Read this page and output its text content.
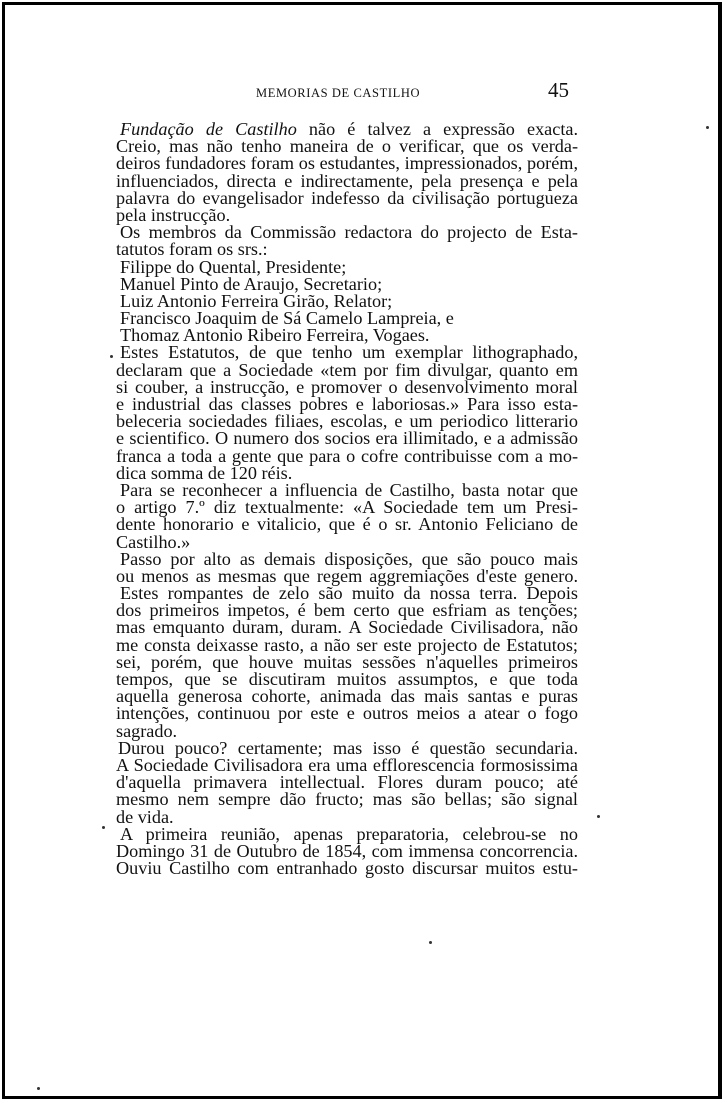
MEMORIAS DE CASTILHO	45
Fundação de Castilho não é talvez a expressão exacta.
Creio, mas não tenho maneira de o verificar, que os verda-
deiros fundadores foram os estudantes, impressionados, porém,
influenciados, directa e indirectamente, pela presença e pela
palavra do evangelisador indefesso da civilisação portugueza
pela instrucção.
Os membros da Commissão redactora do projecto de Esta-
tatutos foram os srs.:
Filippe do Quental, Presidente;
Manuel Pinto de Araujo, Secretario;
Luiz Antonio Ferreira Girão, Relator;
Francisco Joaquim de Sá Camelo Lampreia, e
Thomaz Antonio Ribeiro Ferreira, Vogaes.
Estes Estatutos, de que tenho um exemplar lithographado,
declaram que a Sociedade «tem por fim divulgar, quanto em
si couber, a instrucção, e promover o desenvolvimento moral
e industrial das classes pobres e laboriosas.» Para isso esta-
beleceria sociedades filiaes, escolas, e um periodico litterario
e scientifico. O numero dos socios era illimitado, e a admissão
franca a toda a gente que para o cofre contribuisse com a mo-
dica somma de 120 réis.
Para se reconhecer a influencia de Castilho, basta notar que
o artigo 7.º diz textualmente: «A Sociedade tem um Presi-
dente honorario e vitalicio, que é o sr. Antonio Feliciano de
Castilho.»
Passo por alto as demais disposições, que são pouco mais
ou menos as mesmas que regem aggremiações d'este genero.
Estes rompantes de zelo são muito da nossa terra. Depois
dos primeiros impetos, é bem certo que esfriam as tenções;
mas emquanto duram, duram. A Sociedade Civilisadora, não
me consta deixasse rasto, a não ser este projecto de Estatutos;
sei, porém, que houve muitas sessões n'aquelles primeiros
tempos, que se discutiram muitos assumptos, e que toda
aquella generosa cohorte, animada das mais santas e puras
intenções, continuou por este e outros meios a atear o fogo
sagrado.
Durou pouco? certamente; mas isso é questão secundaria.
A Sociedade Civilisadora era uma efflorescencia formosissima
d'aquella primavera intellectual. Flores duram pouco; até
mesmo nem sempre dão fructo; mas são bellas; são signal
de vida.
A primeira reunião, apenas preparatoria, celebrou-se no
Domingo 31 de Outubro de 1854, com immensa concorrencia.
Ouviu Castilho com entranhado gosto discursar muitos estu-
